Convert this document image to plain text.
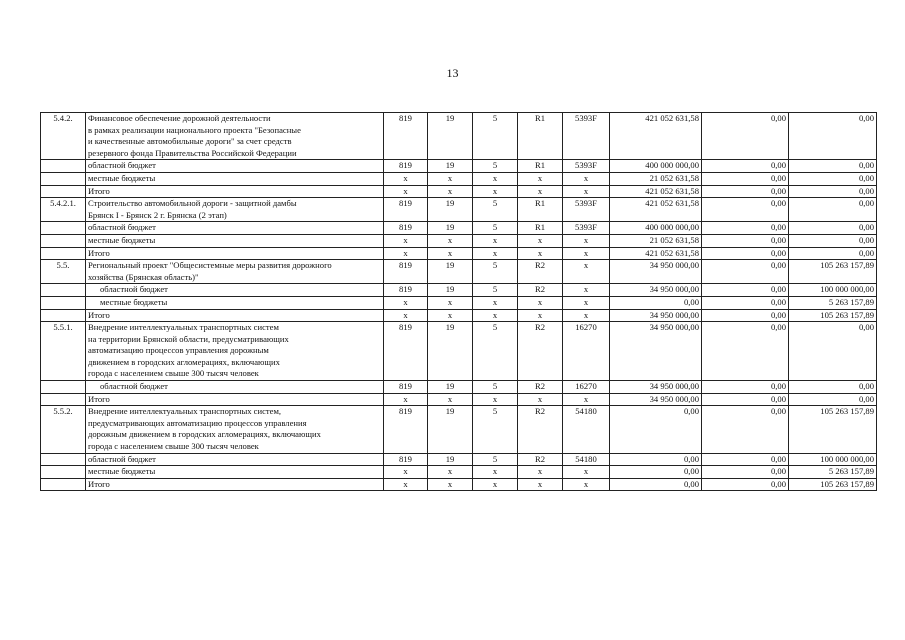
13
5.4.2.	Финансовое обеспечение дорожной деятельности
в рамках реализации национального проекта "Безопасные
и качественные автомобильные дороги" за счет средств
резервного фонда Правительства Российской Федерации	819	19	5	R1	5393F	421 052 631,58	0,00	0,00
	областной бюджет	819	19	5	R1	5393F	400 000 000,00	0,00	0,00
	местные бюджеты	x	x	x	x	x	21 052 631,58	0,00	0,00
	Итого	x	x	x	x	x	421 052 631,58	0,00	0,00
5.4.2.1.	Строительство автомобильной дороги - защитной дамбы
Брянск I - Брянск 2 г. Брянска (2 этап)	819	19	5	R1	5393F	421 052 631,58	0,00	0,00
	областной бюджет	819	19	5	R1	5393F	400 000 000,00	0,00	0,00
	местные бюджеты	x	x	x	x	x	21 052 631,58	0,00	0,00
	Итого	x	x	x	x	x	421 052 631,58	0,00	0,00
5.5.	Региональный проект "Общесистемные меры развития дорожного
хозяйства (Брянская область)"	819	19	5	R2	x	34 950 000,00	0,00	105 263 157,89
	областной бюджет	819	19	5	R2	x	34 950 000,00	0,00	100 000 000,00
	местные бюджеты	x	x	x	x	x	0,00	0,00	5 263 157,89
	Итого	x	x	x	x	x	34 950 000,00	0,00	105 263 157,89
5.5.1.	Внедрение интеллектуальных транспортных систем
на территории Брянской области, предусматривающих
автоматизацию процессов управления дорожным
движением в городских агломерациях, включающих
города с населением свыше 300 тысяч человек	819	19	5	R2	16270	34 950 000,00	0,00	0,00
	областной бюджет	819	19	5	R2	16270	34 950 000,00	0,00	0,00
	Итого	x	x	x	x	x	34 950 000,00	0,00	0,00
5.5.2.	Внедрение интеллектуальных транспортных систем,
предусматривающих автоматизацию процессов управления
дорожным движением в городских агломерациях, включающих
города с населением свыше 300 тысяч человек	819	19	5	R2	54180	0,00	0,00	105 263 157,89
	областной бюджет	819	19	5	R2	54180	0,00	0,00	100 000 000,00
	местные бюджеты	x	x	x	x	x	0,00	0,00	5 263 157,89
	Итого	x	x	x	x	x	0,00	0,00	105 263 157,89
